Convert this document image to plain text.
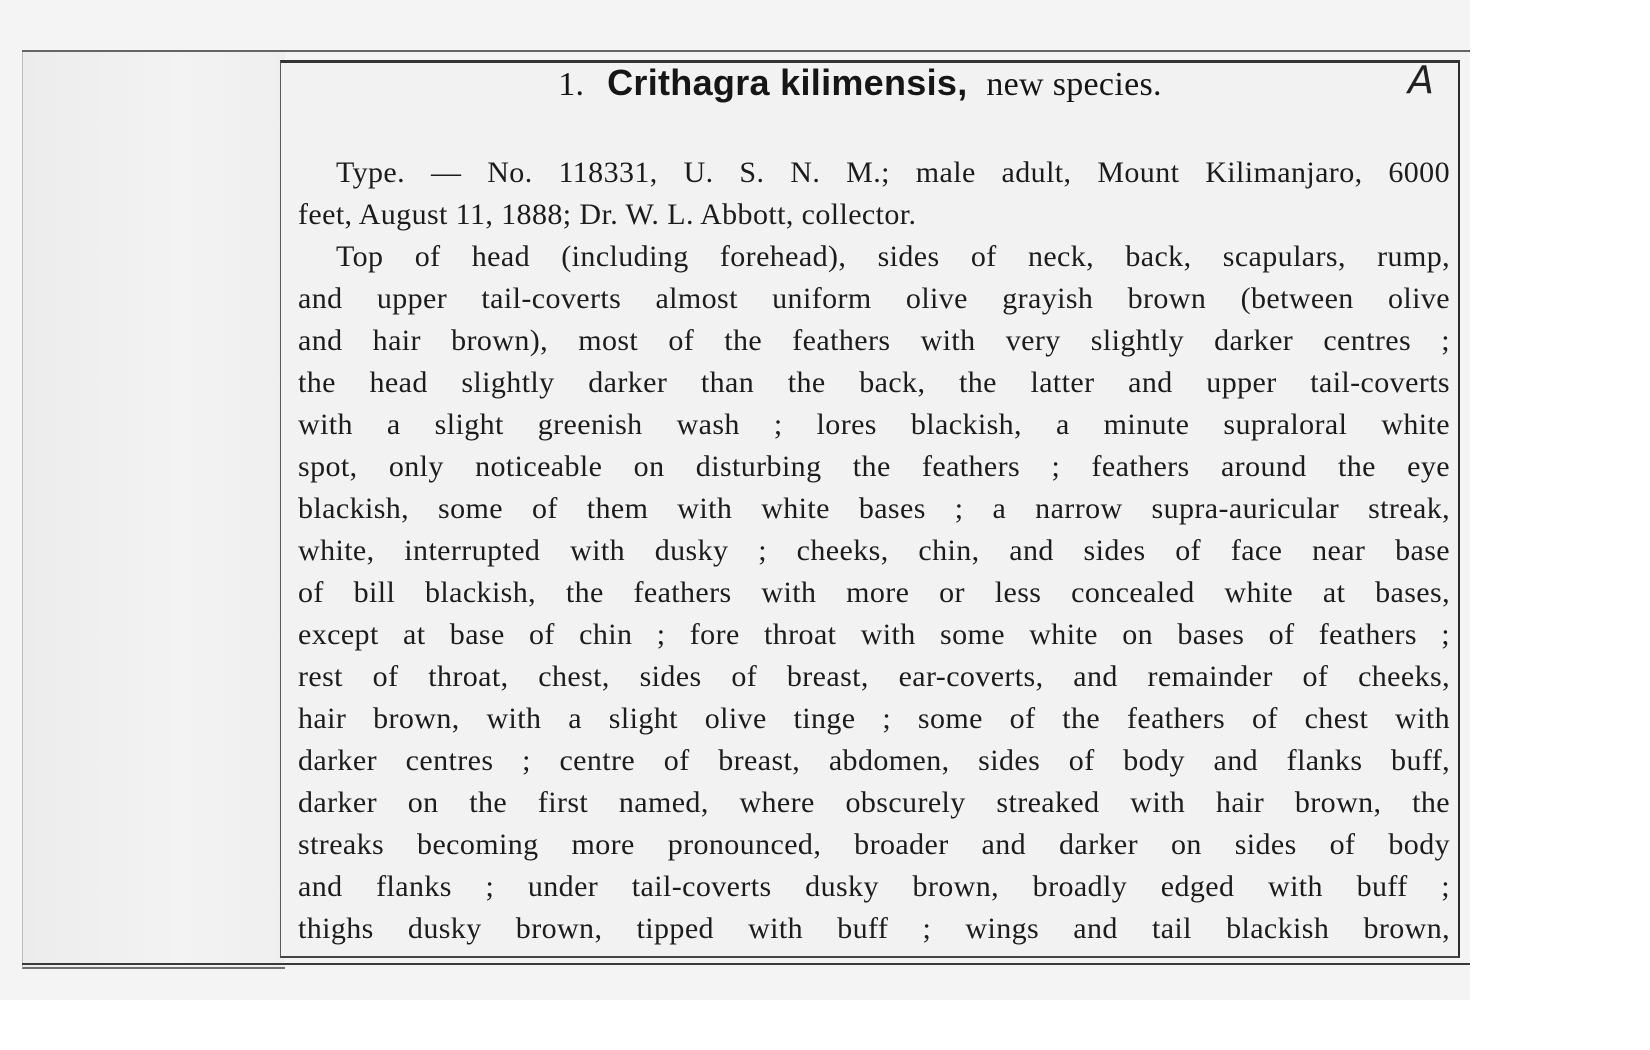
1. Crithagra kilimensis, new species.	A
Type. — No. 118331, U. S. N. M.; male adult, Mount Kilimanjaro, 6000
feet, August 11, 1888; Dr. W. L. Abbott, collector.
Top of head (including forehead), sides of neck, back, scapulars, rump,
and upper tail-coverts almost uniform olive grayish brown (between olive
and hair brown), most of the feathers with very slightly darker centres ;
the head slightly darker than the back, the latter and upper tail-coverts
with a slight greenish wash ; lores blackish, a minute supraloral white
spot, only noticeable on disturbing the feathers ; feathers around the eye
blackish, some of them with white bases ; a narrow supra-auricular streak,
white, interrupted with dusky ; cheeks, chin, and sides of face near base
of bill blackish, the feathers with more or less concealed white at bases,
except at base of chin ; fore throat with some white on bases of feathers ;
rest of throat, chest, sides of breast, ear-coverts, and remainder of cheeks,
hair brown, with a slight olive tinge ; some of the feathers of chest with
darker centres ; centre of breast, abdomen, sides of body and flanks buff,
darker on the first named, where obscurely streaked with hair brown, the
streaks becoming more pronounced, broader and darker on sides of body
and flanks ; under tail-coverts dusky brown, broadly edged with buff ;
thighs dusky brown, tipped with buff ; wings and tail blackish brown,
